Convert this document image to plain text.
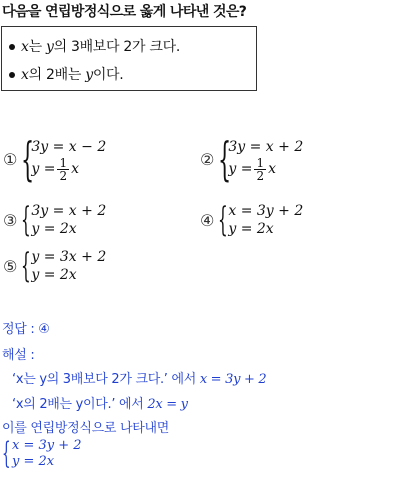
다음을 연립방정식으로 옳게 나타낸 것은?
x는 y의 3배보다 2가 크다.
x의 2배는 y이다.
① {
3y = x − 2
$y = \frac{1}{2}$ x
② {
3y = x + 2
$y = \frac{1}{2}$ x
③ { 3y = x + 2
y = 2x	④ { x = 3y + 2
y = 2x
⑤ { y = 3x + 2
y = 2x
정답 : ④
해설 :
‘x는 y의 3배보다 2가 크다.’ 에서 x = 3y + 2
‘x의 2배는 y이다.’ 에서 2x = y
이를 연립방정식으로 나타내면
{ x = 3y + 2
y = 2x
